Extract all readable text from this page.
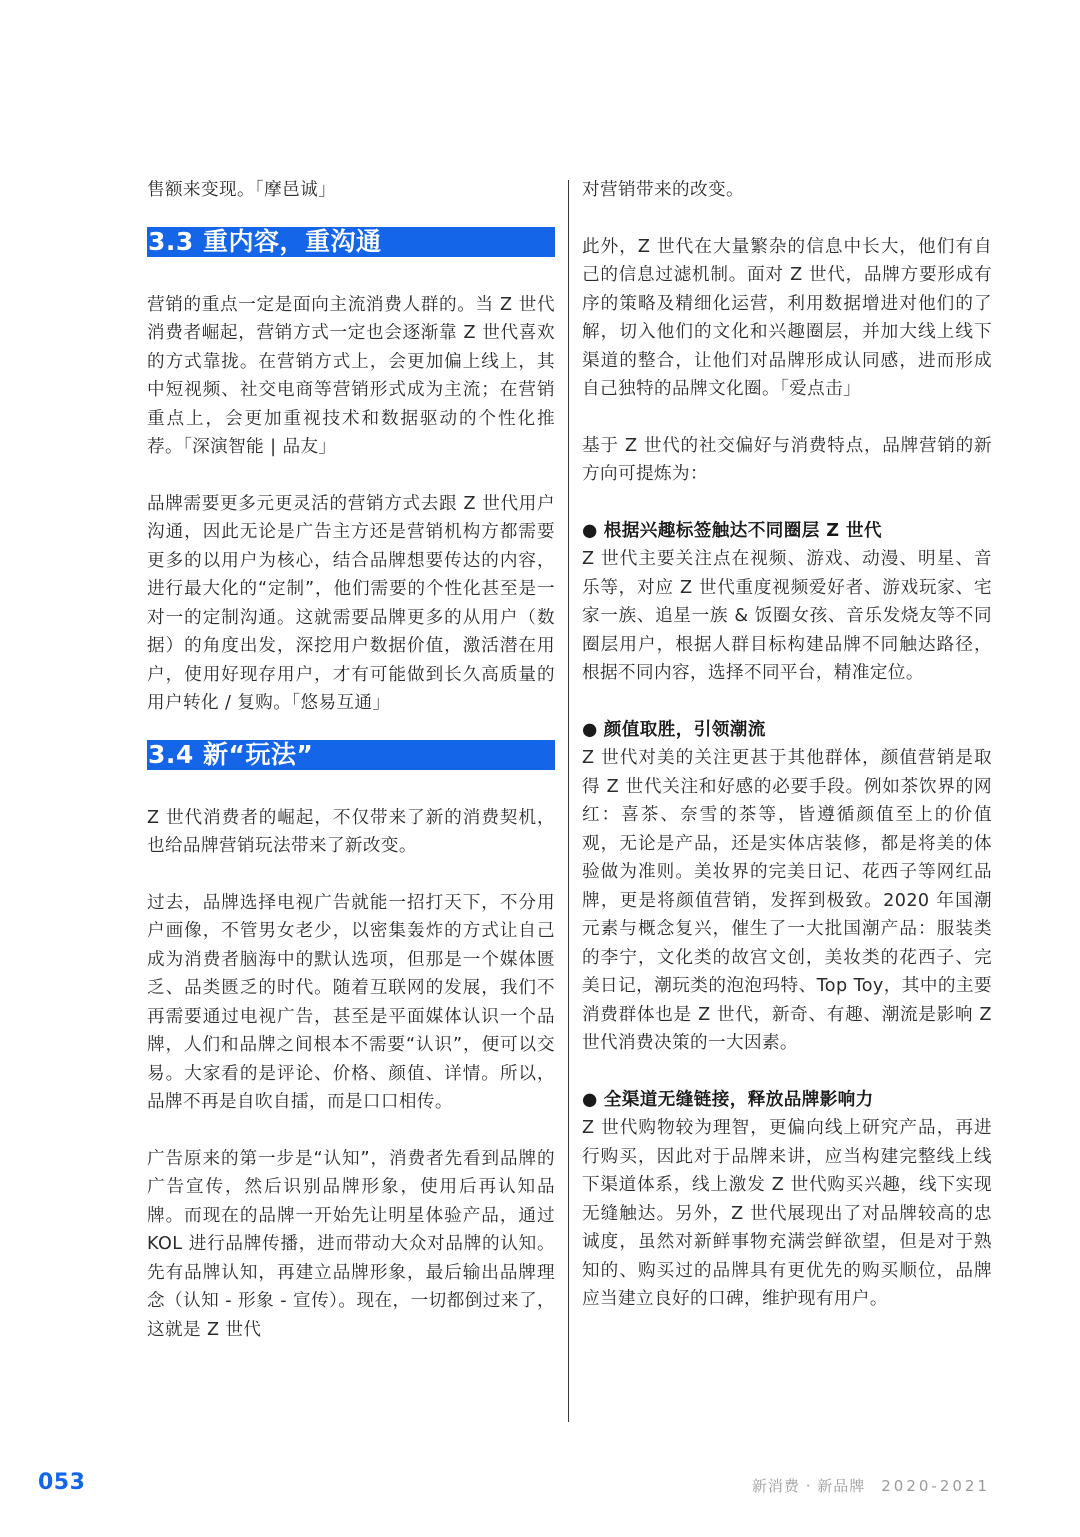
售额来变现。「摩邑诚」

3.3 重内容，重沟通

营销的重点一定是面向主流消费人群的。当 Z 世代消费者崛起，营销方式一定也会逐渐靠 Z 世代喜欢的方式靠拢。在营销方式上，会更加偏上线上，其中短视频、社交电商等营销形式成为主流；在营销重点上，会更加重视技术和数据驱动的个性化推荐。「深演智能 | 品友」

品牌需要更多元更灵活的营销方式去跟 Z 世代用户沟通，因此无论是广告主方还是营销机构方都需要更多的以用户为核心，结合品牌想要传达的内容，进行最大化的“定制”，他们需要的个性化甚至是一对一的定制沟通。这就需要品牌更多的从用户（数据）的角度出发，深挖用户数据价值，激活潜在用户，使用好现存用户，才有可能做到长久高质量的用户转化 / 复购。「悠易互通」

3.4 新“玩法”

Z 世代消费者的崛起，不仅带来了新的消费契机，也给品牌营销玩法带来了新改变。

过去，品牌选择电视广告就能一招打天下，不分用户画像，不管男女老少，以密集轰炸的方式让自己成为消费者脑海中的默认选项，但那是一个媒体匮乏、品类匮乏的时代。随着互联网的发展，我们不再需要通过电视广告，甚至是平面媒体认识一个品牌，人们和品牌之间根本不需要“认识”，便可以交易。大家看的是评论、价格、颜值、详情。所以，品牌不再是自吹自擂，而是口口相传。

广告原来的第一步是“认知”，消费者先看到品牌的广告宣传，然后识别品牌形象，使用后再认知品牌。而现在的品牌一开始先让明星体验产品，通过 KOL 进行品牌传播，进而带动大众对品牌的认知。先有品牌认知，再建立品牌形象，最后输出品牌理念（认知 - 形象 - 宣传）。现在，一切都倒过来了，这就是 Z 世代

对营销带来的改变。

此外，Z 世代在大量繁杂的信息中长大，他们有自己的信息过滤机制。面对 Z 世代，品牌方要形成有序的策略及精细化运营，利用数据增进对他们的了解，切入他们的文化和兴趣圈层，并加大线上线下渠道的整合，让他们对品牌形成认同感，进而形成自己独特的品牌文化圈。「爱点击」

基于 Z 世代的社交偏好与消费特点，品牌营销的新方向可提炼为：

● 根据兴趣标签触达不同圈层 Z 世代

Z 世代主要关注点在视频、游戏、动漫、明星、音乐等，对应 Z 世代重度视频爱好者、游戏玩家、宅家一族、追星一族 & 饭圈女孩、音乐发烧友等不同圈层用户，根据人群目标构建品牌不同触达路径，根据不同内容，选择不同平台，精准定位。

● 颜值取胜，引领潮流

Z 世代对美的关注更甚于其他群体，颜值营销是取得 Z 世代关注和好感的必要手段。例如茶饮界的网红：喜茶、奈雪的茶等，皆遵循颜值至上的价值观，无论是产品，还是实体店装修，都是将美的体验做为准则。美妆界的完美日记、花西子等网红品牌，更是将颜值营销，发挥到极致。2020 年国潮元素与概念复兴，催生了一大批国潮产品：服装类的李宁，文化类的故宫文创，美妆类的花西子、完美日记，潮玩类的泡泡玛特、Top Toy，其中的主要消费群体也是 Z 世代，新奇、有趣、潮流是影响 Z 世代消费决策的一大因素。

● 全渠道无缝链接，释放品牌影响力

Z 世代购物较为理智，更偏向线上研究产品，再进行购买，因此对于品牌来讲，应当构建完整线上线下渠道体系，线上激发 Z 世代购买兴趣，线下实现无缝触达。另外，Z 世代展现出了对品牌较高的忠诚度，虽然对新鲜事物充满尝鲜欲望，但是对于熟知的、购买过的品牌具有更优先的购买顺位，品牌应当建立良好的口碑，维护现有用户。

053	新消费 · 新品牌 2020-2021
